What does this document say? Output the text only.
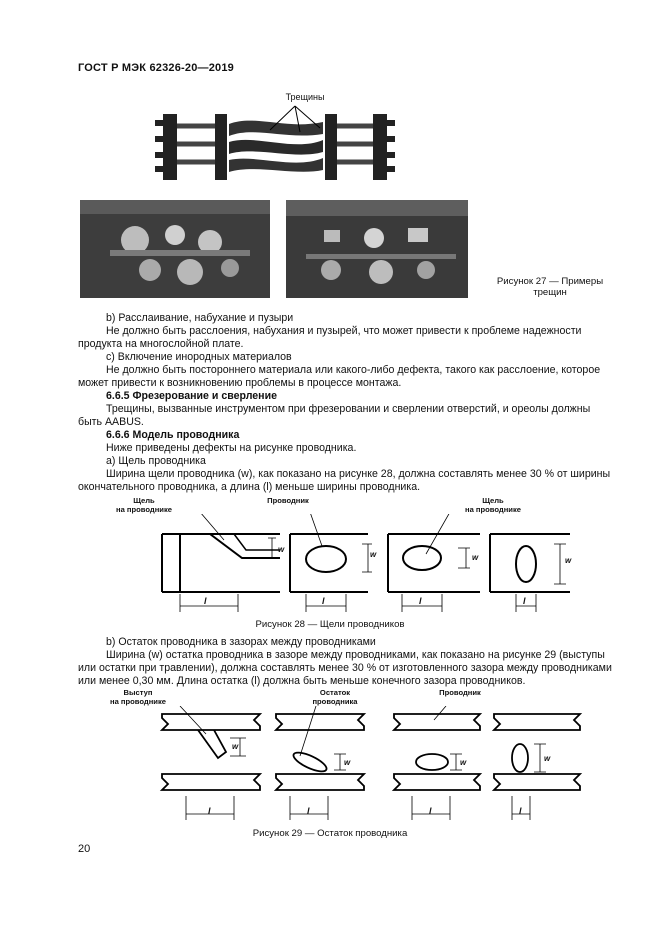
ГОСТ Р МЭК 62326-20—2019
Трещины
Рисунок 27 — Примеры
трещин
b) Расслаивание, набухание и пузыри
Не должно быть расслоения, набухания и пузырей, что может привести к проблеме надежности продукта на многослойной плате.
с) Включение инородных материалов
Не должно быть постороннего материала или какого-либо дефекта, такого как расслоение, которое может привести к возникновению проблемы в процессе монтажа.
6.6.5 Фрезерование и сверление
Трещины, вызванные инструментом при фрезеровании и сверлении отверстий, и ореолы должны быть AABUS.
6.6.6 Модель проводника
Ниже приведены дефекты на рисунке проводника.
а) Щель проводника
Ширина щели проводника (w), как показано на рисунке 28, должна составлять менее 30 % от ширины окончательного проводника, а длина (l) меньше ширины проводника.
Щель
на проводнике
Проводник	Щель
на проводнике
l	l	l	l
w
w	w	w
Рисунок 28 — Щели проводников
b) Остаток проводника в зазорах между проводниками
Ширина (w) остатка проводника в зазоре между проводниками, как показано на рисунке 29 (выступы или остатки при травлении), должна составлять менее 30 % от изготовленного зазора между проводниками или менее 0,30 мм. Длина остатка (l) должна быть меньше конечного зазора проводников.
Выступ
на проводнике
Остаток
проводника
Проводник
l	l	l	l
w
w	w	w
Рисунок 29 — Остаток проводника
20
